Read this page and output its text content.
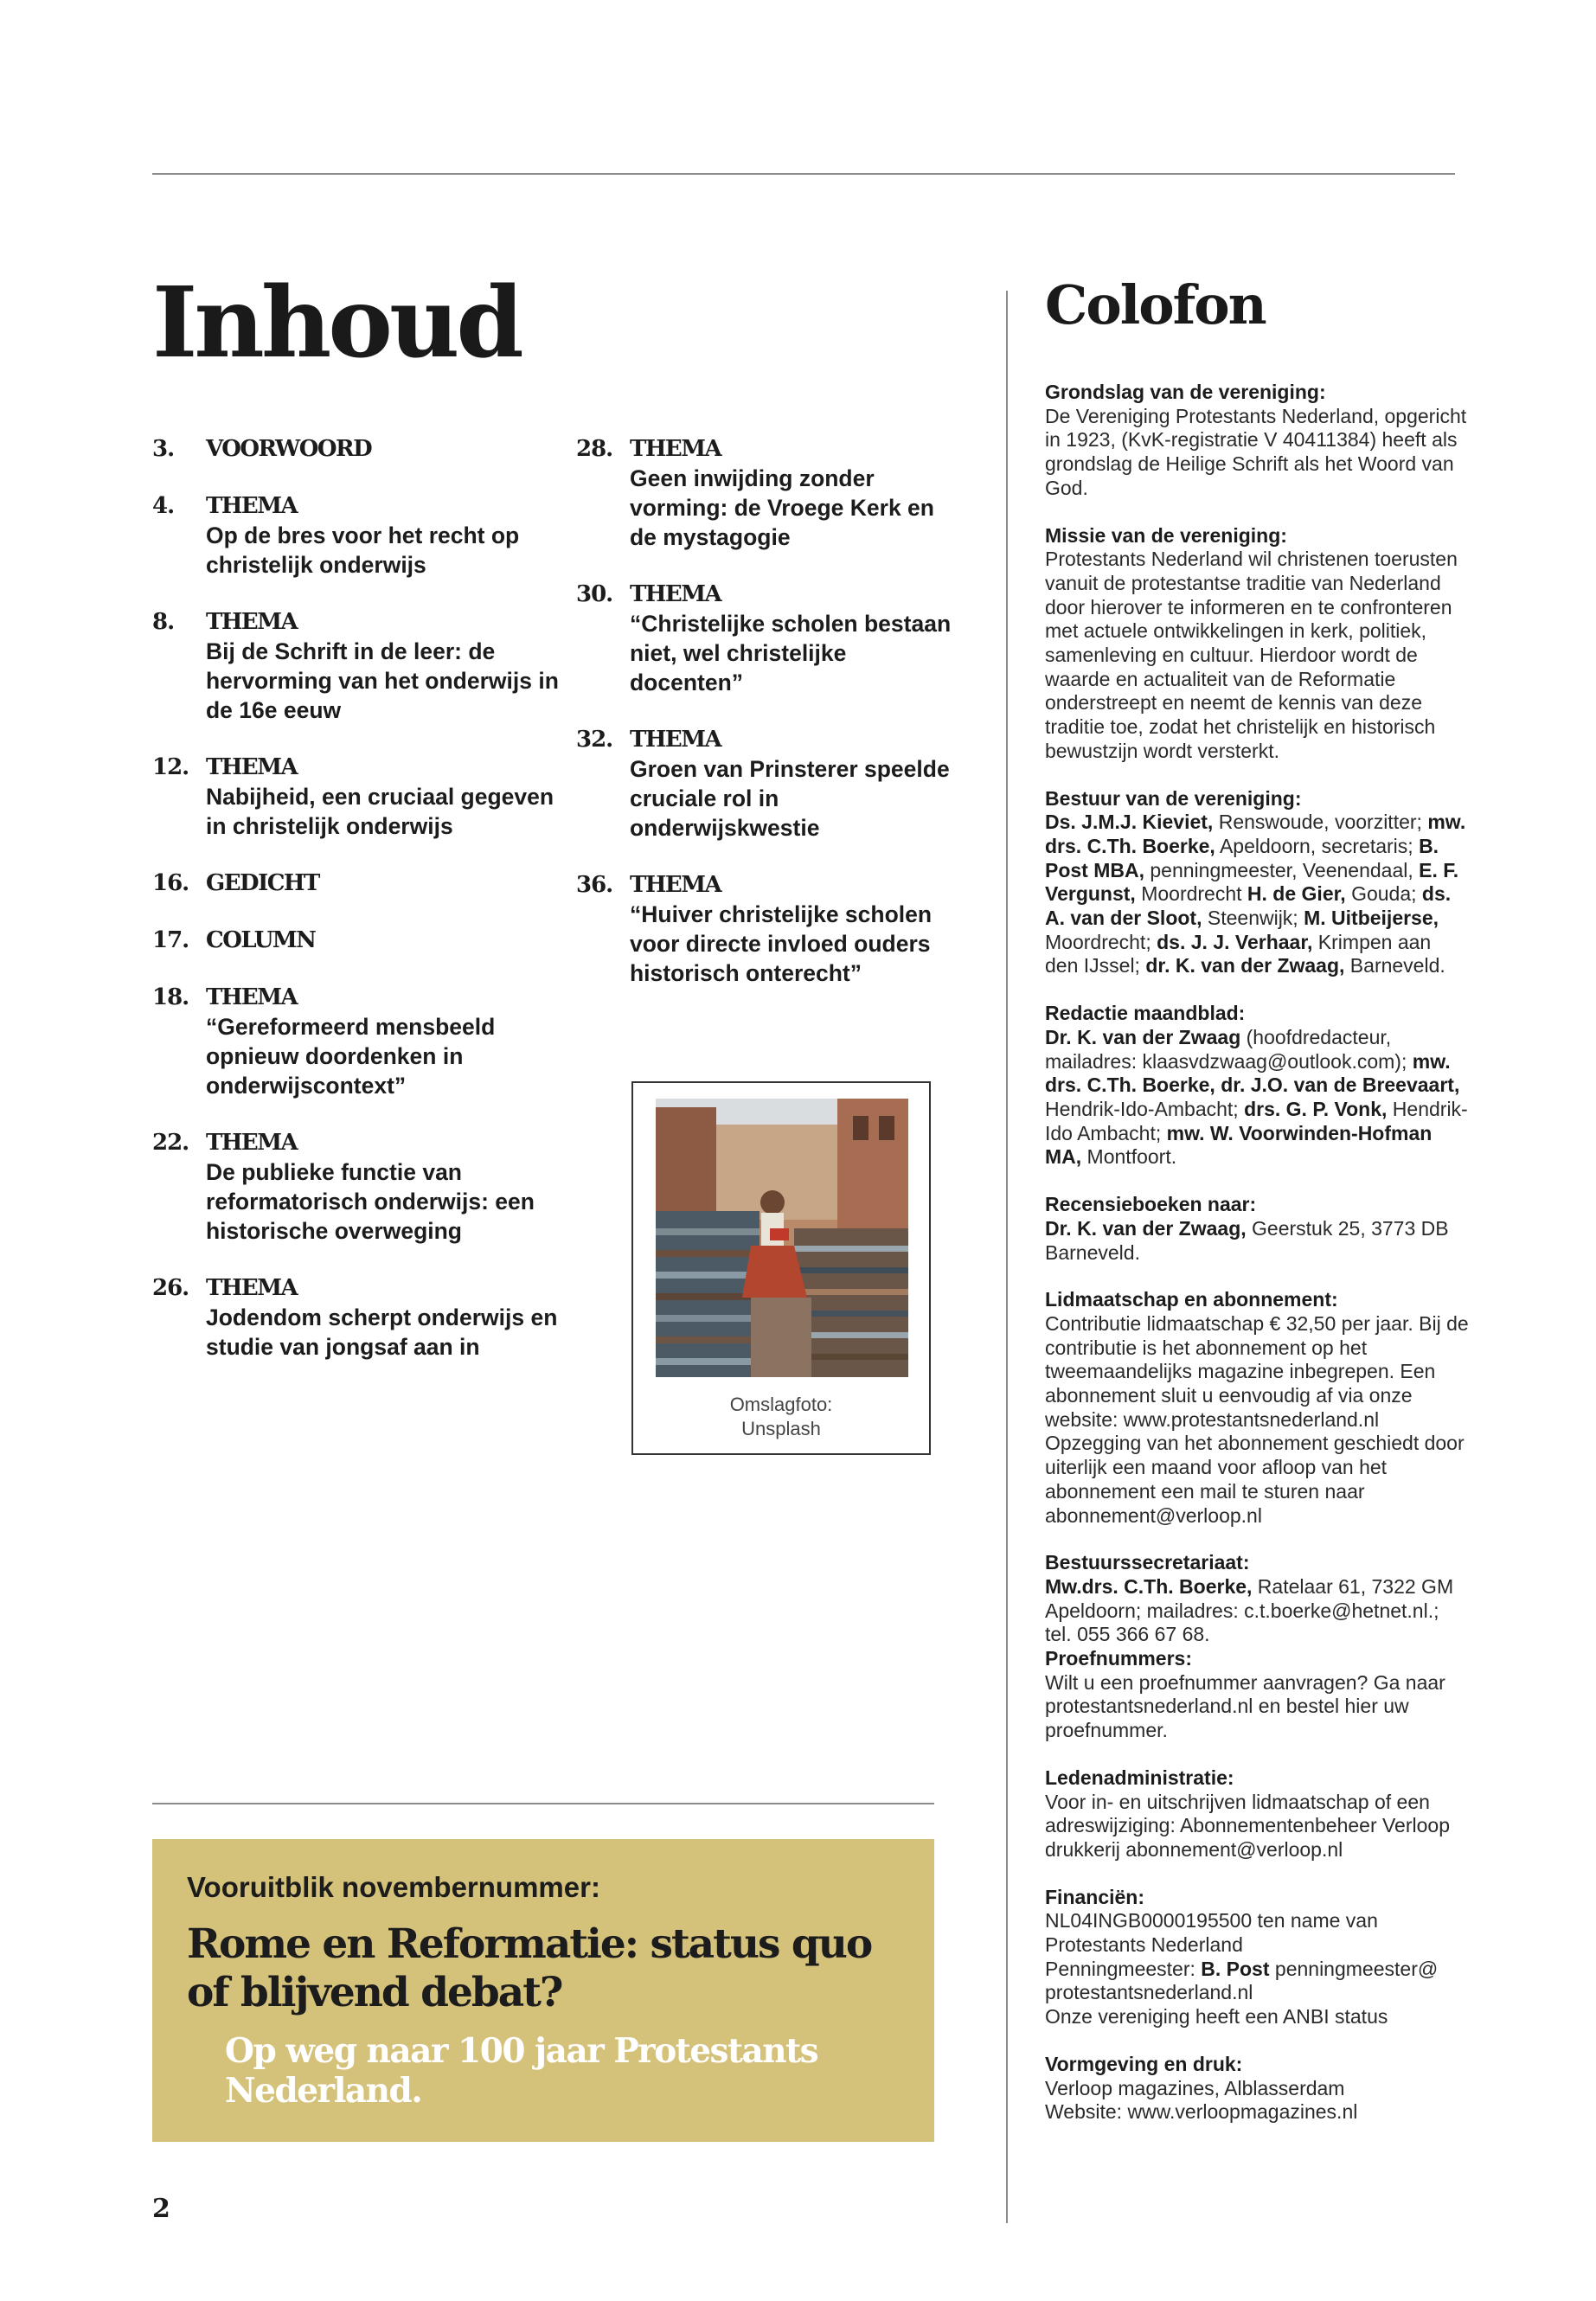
Inhoud
3. VOORWOORD
4. THEMA
Op de bres voor het recht op christelijk onderwijs
8. THEMA
Bij de Schrift in de leer: de hervorming van het onderwijs in de 16e eeuw
12. THEMA
Nabijheid, een cruciaal gegeven in christelijk onderwijs
16. GEDICHT
17. COLUMN
18. THEMA
“Gereformeerd mensbeeld opnieuw doordenken in onderwijscontext”
22. THEMA
De publieke functie van reformatorisch onderwijs: een historische overweging
26. THEMA
Jodendom scherpt onderwijs en studie van jongsaf aan in
28. THEMA
Geen inwijding zonder vorming: de Vroege Kerk en de mystagogie
30. THEMA
“Christelijke scholen bestaan niet, wel christelijke docenten”
32. THEMA
Groen van Prinsterer speelde cruciale rol in onderwijskwestie
36. THEMA
“Huiver christelijke scholen voor directe invloed ouders historisch onterecht”
Omslagfoto:
Unsplash
Vooruitblik novembernummer:
Rome en Reformatie: status quo of blijvend debat?
Op weg naar 100 jaar Protestants Nederland.
2
Colofon
Grondslag van de vereniging:
De Vereniging Protestants Nederland, opgericht in 1923, (KvK-registratie V 40411384) heeft als grondslag de Heilige Schrift als het Woord van God.
Missie van de vereniging:
Protestants Nederland wil christenen toerusten vanuit de protestantse traditie van Nederland door hierover te informeren en te confronteren met actuele ontwikkelingen in kerk, politiek, samenleving en cultuur. Hierdoor wordt de waarde en actualiteit van de Reformatie onderstreept en neemt de kennis van deze traditie toe, zodat het christelijk en historisch bewustzijn wordt versterkt.
Bestuur van de vereniging:
Ds. J.M.J. Kieviet, Renswoude, voorzitter; mw. drs. C.Th. Boerke, Apeldoorn, secretaris; B. Post MBA, penningmeester, Veenendaal, E. F. Vergunst, Moordrecht H. de Gier, Gouda; ds. A. van der Sloot, Steenwijk; M. Uitbeijerse, Moordrecht; ds. J. J. Verhaar, Krimpen aan den IJssel; dr. K. van der Zwaag, Barneveld.
Redactie maandblad:
Dr. K. van der Zwaag (hoofdredacteur, mailadres: klaasvdzwaag@outlook.com); mw. drs. C.Th. Boerke, dr. J.O. van de Breevaart, Hendrik-Ido-Ambacht; drs. G. P. Vonk, Hendrik-Ido Ambacht; mw. W. Voorwinden-Hofman MA, Montfoort.
Recensieboeken naar:
Dr. K. van der Zwaag, Geerstuk 25, 3773 DB Barneveld.
Lidmaatschap en abonnement:
Contributie lidmaatschap € 32,50 per jaar. Bij de contributie is het abonnement op het tweemaandelijks magazine inbegrepen. Een abonnement sluit u eenvoudig af via onze website: www.protestantsnederland.nl Opzegging van het abonnement geschiedt door uiterlijk een maand voor afloop van het abonnement een mail te sturen naar abonnement@verloop.nl
Bestuurssecretariaat:
Mw.drs. C.Th. Boerke, Ratelaar 61, 7322 GM Apeldoorn; mailadres: c.t.boerke@hetnet.nl.; tel. 055 366 67 68.
Proefnummers:
Wilt u een proefnummer aanvragen? Ga naar protestantsnederland.nl en bestel hier uw proefnummer.
Ledenadministratie:
Voor in- en uitschrijven lidmaatschap of een adreswijziging: Abonnementenbeheer Verloop drukkerij abonnement@verloop.nl
Financiën:
NL04INGB0000195500 ten name van Protestants Nederland
Penningmeester: B. Post penningmeester@ protestantsnederland.nl
Onze vereniging heeft een ANBI status
Vormgeving en druk:
Verloop magazines, Alblasserdam
Website: www.verloopmagazines.nl
